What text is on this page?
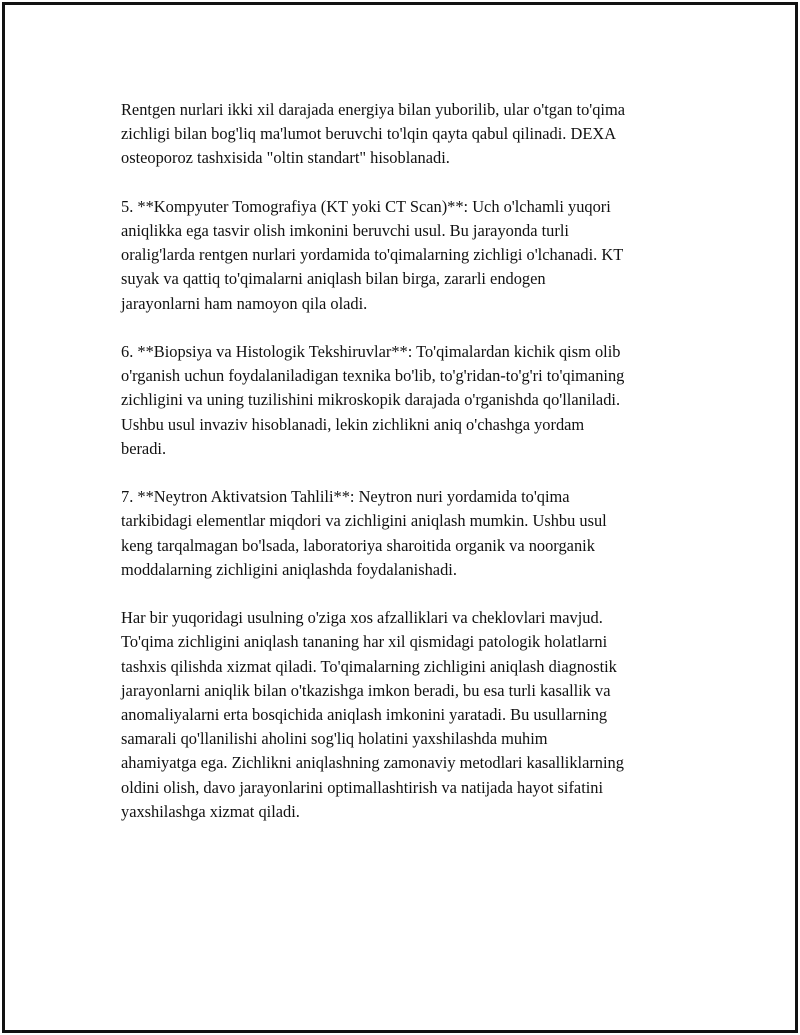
Rentgen nurlari ikki xil darajada energiya bilan yuborilib, ular o'tgan to'qima
zichligi bilan bog'liq ma'lumot beruvchi to'lqin qayta qabul qilinadi. DEXA
osteoporoz tashxisida "oltin standart" hisoblanadi.

5. **Kompyuter Tomografiya (KT yoki CT Scan)**: Uch o'lchamli yuqori
aniqlikka ega tasvir olish imkonini beruvchi usul. Bu jarayonda turli
oralig'larda rentgen nurlari yordamida to'qimalarning zichligi o'lchanadi. KT
suyak va qattiq to'qimalarni aniqlash bilan birga, zararli endogen
jarayonlarni ham namoyon qila oladi.

6. **Biopsiya va Histologik Tekshiruvlar**: To'qimalardan kichik qism olib
o'rganish uchun foydalaniladigan texnika bo'lib, to'g'ridan-to'g'ri to'qimaning
zichligini va uning tuzilishini mikroskopik darajada o'rganishda qo'llaniladi.
Ushbu usul invaziv hisoblanadi, lekin zichlikni aniq o'chashga yordam
beradi.

7. **Neytron Aktivatsion Tahlili**: Neytron nuri yordamida to'qima
tarkibidagi elementlar miqdori va zichligini aniqlash mumkin. Ushbu usul
keng tarqalmagan bo'lsada, laboratoriya sharoitida organik va noorganik
moddalarning zichligini aniqlashda foydalanishadi.

Har bir yuqoridagi usulning o'ziga xos afzalliklari va cheklovlari mavjud.
To'qima zichligini aniqlash tananing har xil qismidagi patologik holatlarni
tashxis qilishda xizmat qiladi. To'qimalarning zichligini aniqlash diagnostik
jarayonlarni aniqlik bilan o'tkazishga imkon beradi, bu esa turli kasallik va
anomaliyalarni erta bosqichida aniqlash imkonini yaratadi. Bu usullarning
samarali qo'llanilishi aholini sog'liq holatini yaxshilashda muhim
ahamiyatga ega. Zichlikni aniqlashning zamonaviy metodlari kasalliklarning
oldini olish, davo jarayonlarini optimallashtirish va natijada hayot sifatini
yaxshilashga xizmat qiladi.
